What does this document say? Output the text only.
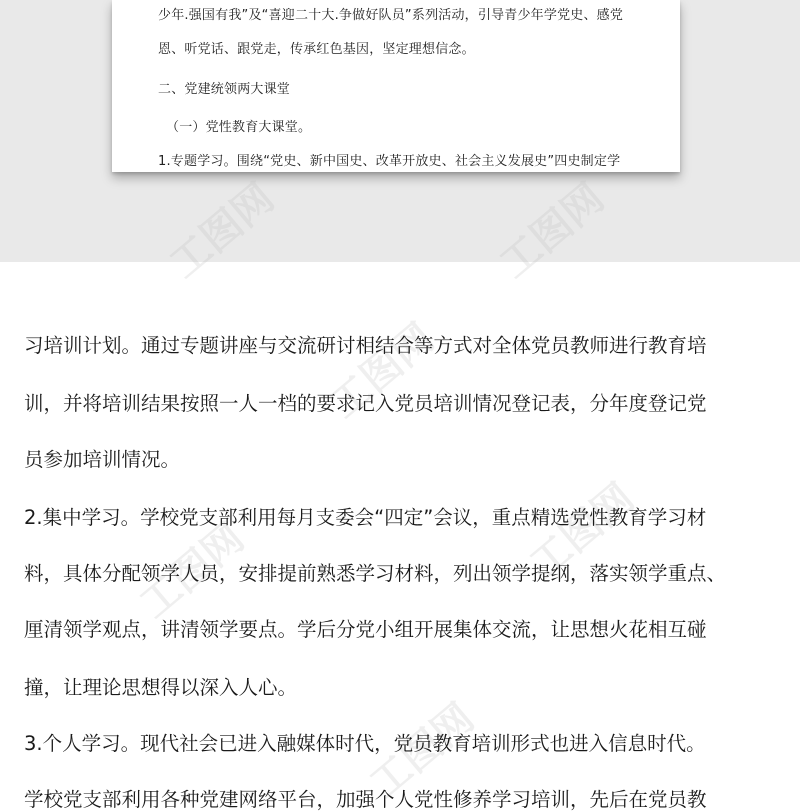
少年.强国有我”及“喜迎二十大.争做好队员”系列活动，引导青少年学党史、感党
恩、听党话、跟党走，传承红色基因，坚定理想信念。
二、党建统领两大课堂
（一）党性教育大课堂。
1.专题学习。围绕“党史、新中国史、改革开放史、社会主义发展史”四史制定学
工图网	工图网
工图网
工图网	工图网
工图网
习培训计划。通过专题讲座与交流研讨相结合等方式对全体党员教师进行教育培
训，并将培训结果按照一人一档的要求记入党员培训情况登记表，分年度登记党
员参加培训情况。
2.集中学习。学校党支部利用每月支委会“四定”会议，重点精选党性教育学习材
料，具体分配领学人员，安排提前熟悉学习材料，列出领学提纲，落实领学重点、
厘清领学观点，讲清领学要点。学后分党小组开展集体交流，让思想火花相互碰
撞，让理论思想得以深入人心。
3.个人学习。现代社会已进入融媒体时代，党员教育培训形式也进入信息时代。
学校党支部利用各种党建网络平台，加强个人党性修养学习培训，先后在党员教
